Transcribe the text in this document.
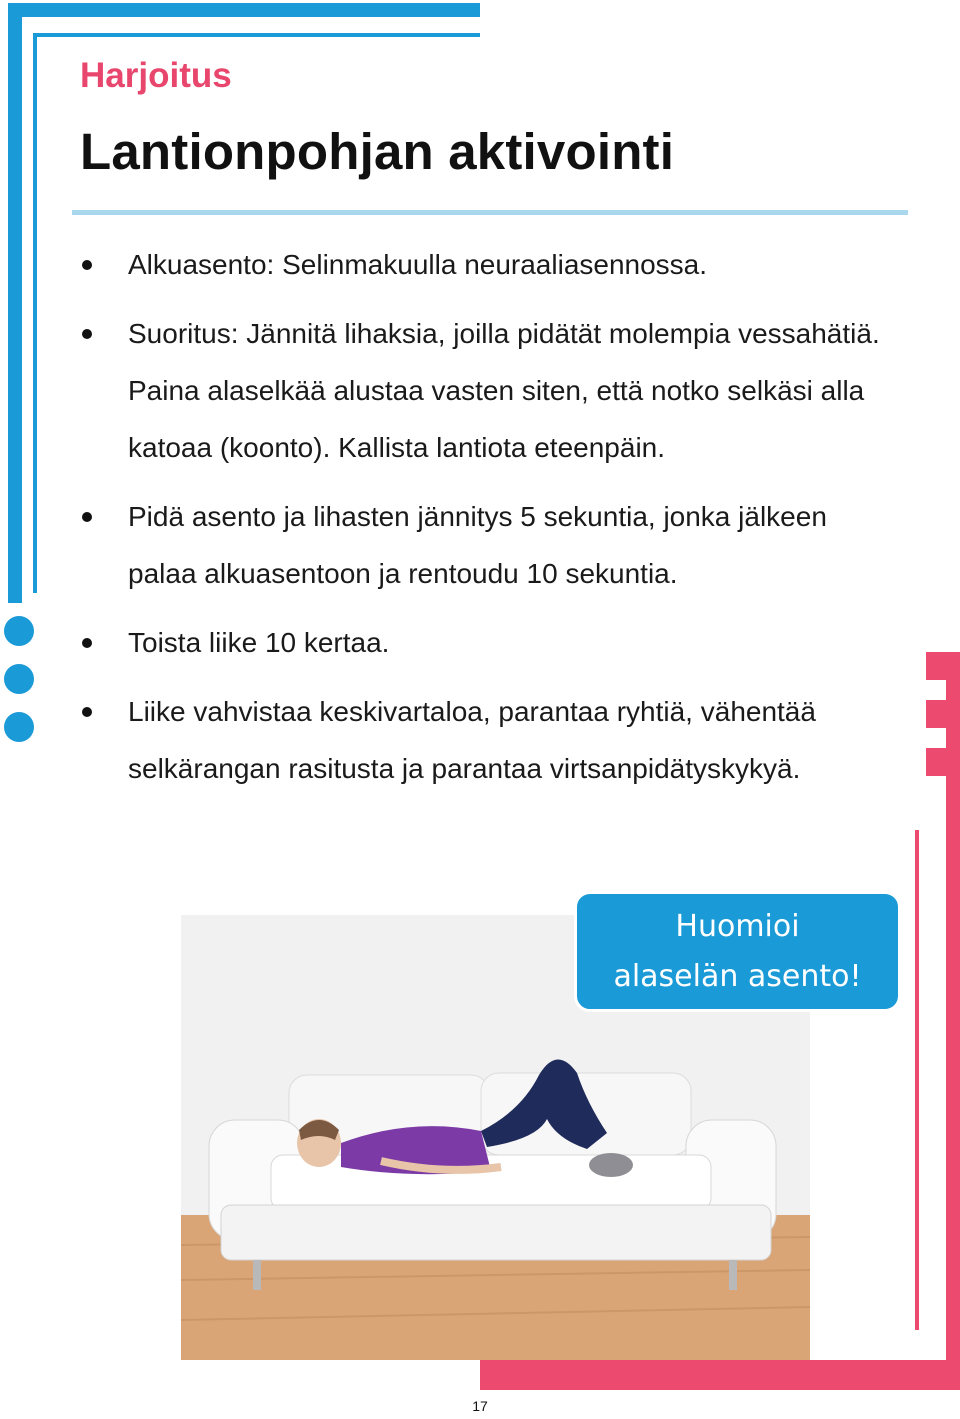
Harjoitus
Lantionpohjan aktivointi
Alkuasento: Selinmakuulla neuraaliasennossa.
Suoritus: Jännitä lihaksia, joilla pidätät molempia vessahätiä. Paina alaselkää alustaa vasten siten, että notko selkäsi alla katoaa (koonto). Kallista lantiota eteenpäin.
Pidä asento ja lihasten jännitys 5 sekuntia, jonka jälkeen palaa alkuasentoon ja rentoudu 10 sekuntia.
Toista liike 10 kertaa.
Liike vahvistaa keskivartaloa, parantaa ryhtiä, vähentää selkärangan rasitusta ja parantaa virtsanpidätyskykyä.
Huomioi alaselän asento!
17
